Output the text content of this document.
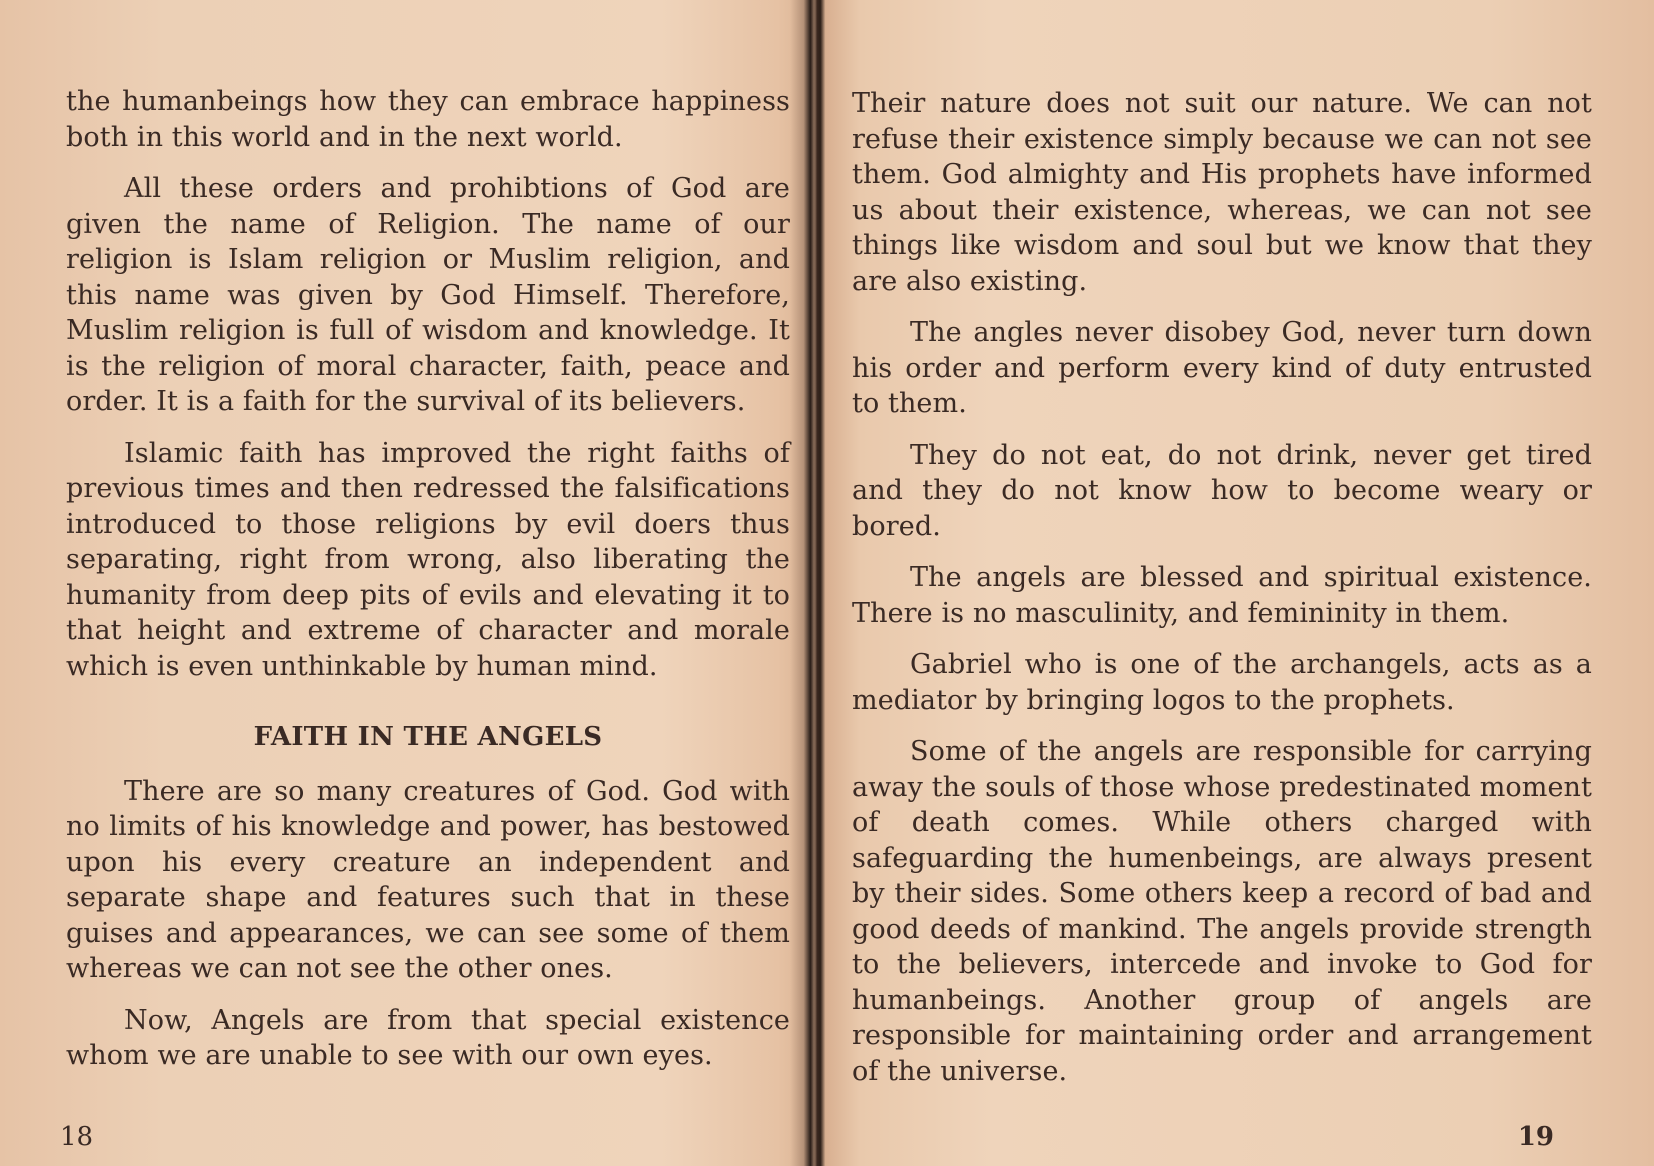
the humanbeings how they can embrace happiness both in this world and in the next world.

All these orders and prohibtions of God are given the name of Religion. The name of our religion is Islam religion or Muslim religion, and this name was given by God Himself. Therefore, Muslim religion is full of wisdom and knowledge. It is the religion of moral character, faith, peace and order. It is a faith for the survival of its believers.

Islamic faith has improved the right faiths of previous times and then redressed the falsifications introduced to those religions by evil doers thus separating, right from wrong, also liberating the humanity from deep pits of evils and elevating it to that height and extreme of character and morale which is even unthinkable by human mind.

FAITH IN THE ANGELS

There are so many creatures of God. God with no limits of his knowledge and power, has bestowed upon his every creature an independent and separate shape and features such that in these guises and appearances, we can see some of them whereas we can not see the other ones.

Now, Angels are from that special existence whom we are unable to see with our own eyes.

18

Their nature does not suit our nature. We can not refuse their existence simply because we can not see them. God almighty and His prophets have informed us about their existence, whereas, we can not see things like wisdom and soul but we know that they are also existing.

The angles never disobey God, never turn down his order and perform every kind of duty entrusted to them.

They do not eat, do not drink, never get tired and they do not know how to become weary or bored.

The angels are blessed and spiritual existence. There is no masculinity, and femininity in them.

Gabriel who is one of the archangels, acts as a mediator by bringing logos to the prophets.

Some of the angels are responsible for carrying away the souls of those whose predestinated moment of death comes. While others charged with safeguarding the humenbeings, are always present by their sides. Some others keep a record of bad and good deeds of mankind. The angels provide strength to the believers, intercede and invoke to God for humanbeings. Another group of angels are responsible for maintaining order and arrangement of the universe.

19
